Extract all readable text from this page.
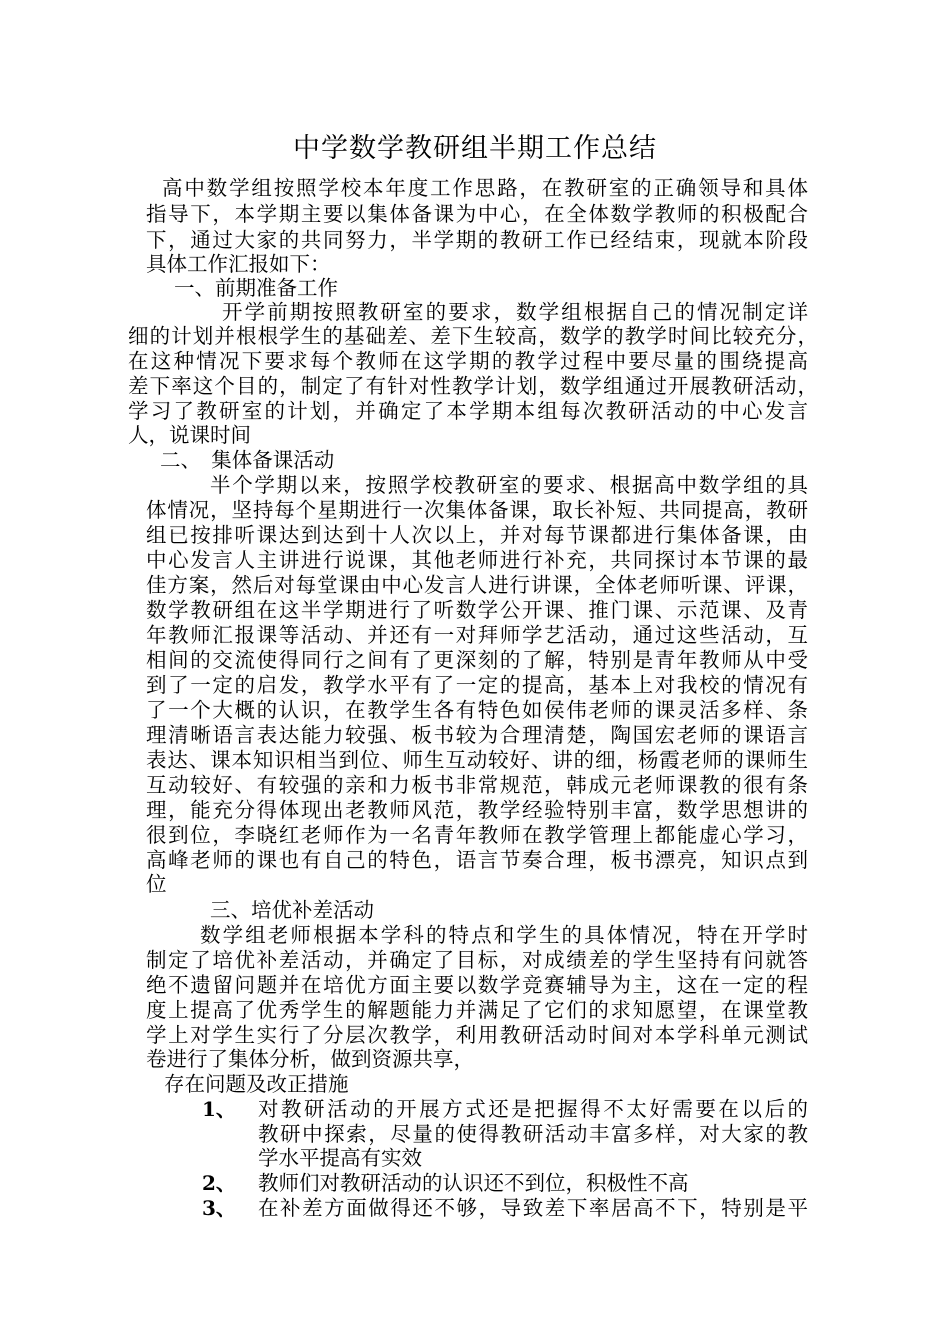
中学数学教研组半期工作总结
高中数学组按照学校本年度工作思路，在教研室的正确领导和具体
指导下，本学期主要以集体备课为中心，在全体数学教师的积极配合
下，通过大家的共同努力，半学期的教研工作已经结束，现就本阶段
具体工作汇报如下：
一、前期准备工作
开学前期按照教研室的要求，数学组根据自己的情况制定详
细的计划并根根学生的基础差、差下生较高，数学的教学时间比较充分，
在这种情况下要求每个教师在这学期的教学过程中要尽量的围绕提高
差下率这个目的，制定了有针对性教学计划，数学组通过开展教研活动，
学习了教研室的计划，并确定了本学期本组每次教研活动的中心发言
人，说课时间
二、　集体备课活动
半个学期以来，按照学校教研室的要求、根据高中数学组的具
体情况，坚持每个星期进行一次集体备课，取长补短、共同提高，教研
组已按排听课达到达到十人次以上，并对每节课都进行集体备课，由
中心发言人主讲进行说课，其他老师进行补充，共同探讨本节课的最
佳方案，然后对每堂课由中心发言人进行讲课，全体老师听课、评课，
数学教研组在这半学期进行了听数学公开课、推门课、示范课、及青
年教师汇报课等活动、并还有一对拜师学艺活动，通过这些活动，互
相间的交流使得同行之间有了更深刻的了解，特别是青年教师从中受
到了一定的启发，教学水平有了一定的提高，基本上对我校的情况有
了一个大概的认识，在教学生各有特色如侯伟老师的课灵活多样、条
理清晰语言表达能力较强、板书较为合理清楚，陶国宏老师的课语言
表达、课本知识相当到位、师生互动较好、讲的细，杨霞老师的课师生
互动较好、有较强的亲和力板书非常规范，韩成元老师课教的很有条
理，能充分得体现出老教师风范，教学经验特别丰富，数学思想讲的
很到位，李晓红老师作为一名青年教师在教学管理上都能虚心学习，
高峰老师的课也有自己的特色，语言节奏合理，板书漂亮，知识点到
位
三、培优补差活动
数学组老师根据本学科的特点和学生的具体情况，特在开学时
制定了培优补差活动，并确定了目标，对成绩差的学生坚持有问就答
绝不遗留问题并在培优方面主要以数学竞赛辅导为主，这在一定的程
度上提高了优秀学生的解题能力并满足了它们的求知愿望，在课堂教
学上对学生实行了分层次教学，利用教研活动时间对本学科单元测试
卷进行了集体分析，做到资源共享，
存在问题及改正措施
1、 对教研活动的开展方式还是把握得不太好需要在以后的
教研中探索，尽量的使得教研活动丰富多样，对大家的教
学水平提高有实效
2、 教师们对教研活动的认识还不到位，积极性不高
3、 在补差方面做得还不够，导致差下率居高不下，特别是平
